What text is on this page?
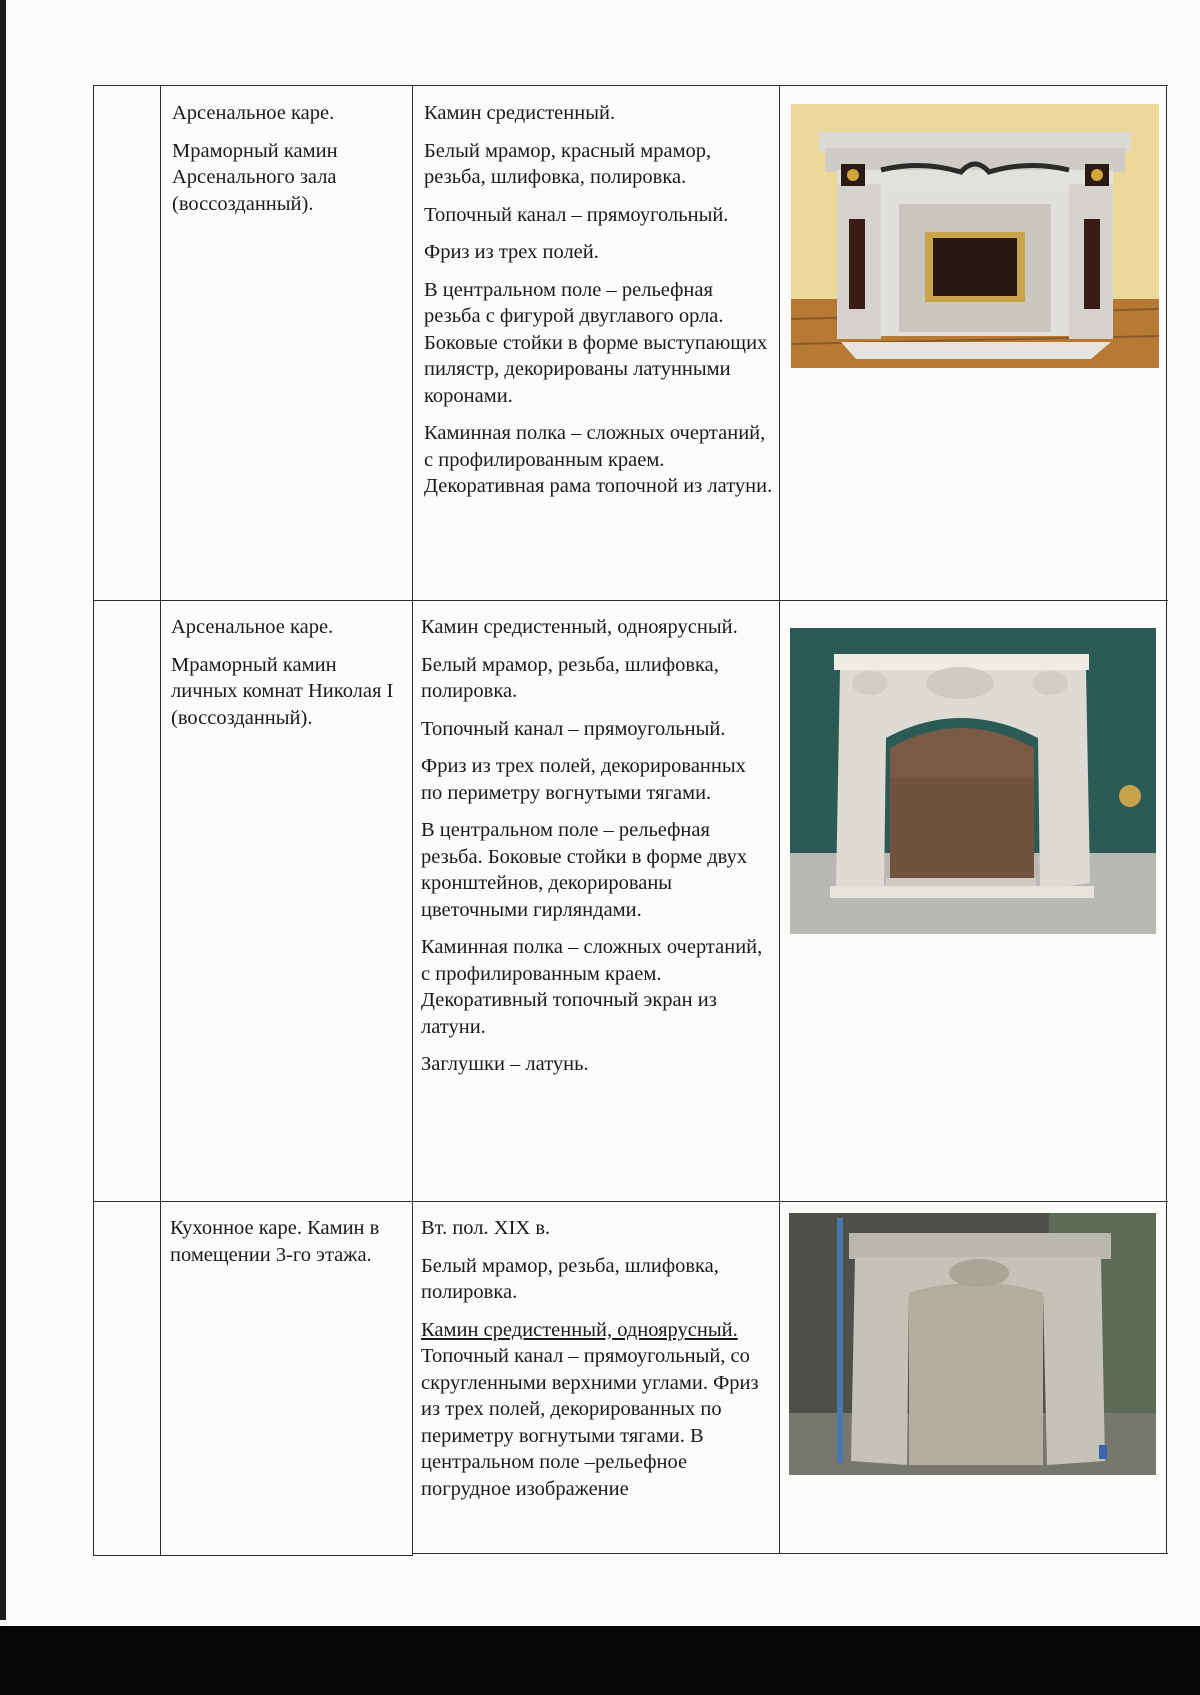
Арсенальное каре.

Мраморный камин Арсенального зала (воссозданный).

Камин средистенный.

Белый мрамор, красный мрамор, резьба, шлифовка, полировка.

Топочный канал – прямоугольный.

Фриз из трех полей.

В центральном поле – рельефная резьба с фигурой двуглавого орла. Боковые стойки в форме выступающих пилястр, декорированы латунными коронами.

Каминная полка – сложных очертаний, с профилированным краем. Декоративная рама топочной из латуни.

Арсенальное каре.

Мраморный камин личных комнат Николая I (воссозданный).

Камин средистенный, одноярусный.

Белый мрамор, резьба, шлифовка, полировка.

Топочный канал – прямоугольный.

Фриз из трех полей, декорированных по периметру вогнутыми тягами.

В центральном поле – рельефная резьба. Боковые стойки в форме двух кронштейнов, декорированы цветочными гирляндами.

Каминная полка – сложных очертаний, с профилированным краем. Декоративный топочный экран из латуни.

Заглушки – латунь.

Кухонное каре. Камин в помещении 3-го этажа.

Вт. пол. XIX в.

Белый мрамор, резьба, шлифовка, полировка.

Камин средистенный, одноярусный. Топочный канал – прямоугольный, со скругленными верхними углами. Фриз из трех полей, декорированных по периметру вогнутыми тягами. В центральном поле –рельефное погрудное изображение
